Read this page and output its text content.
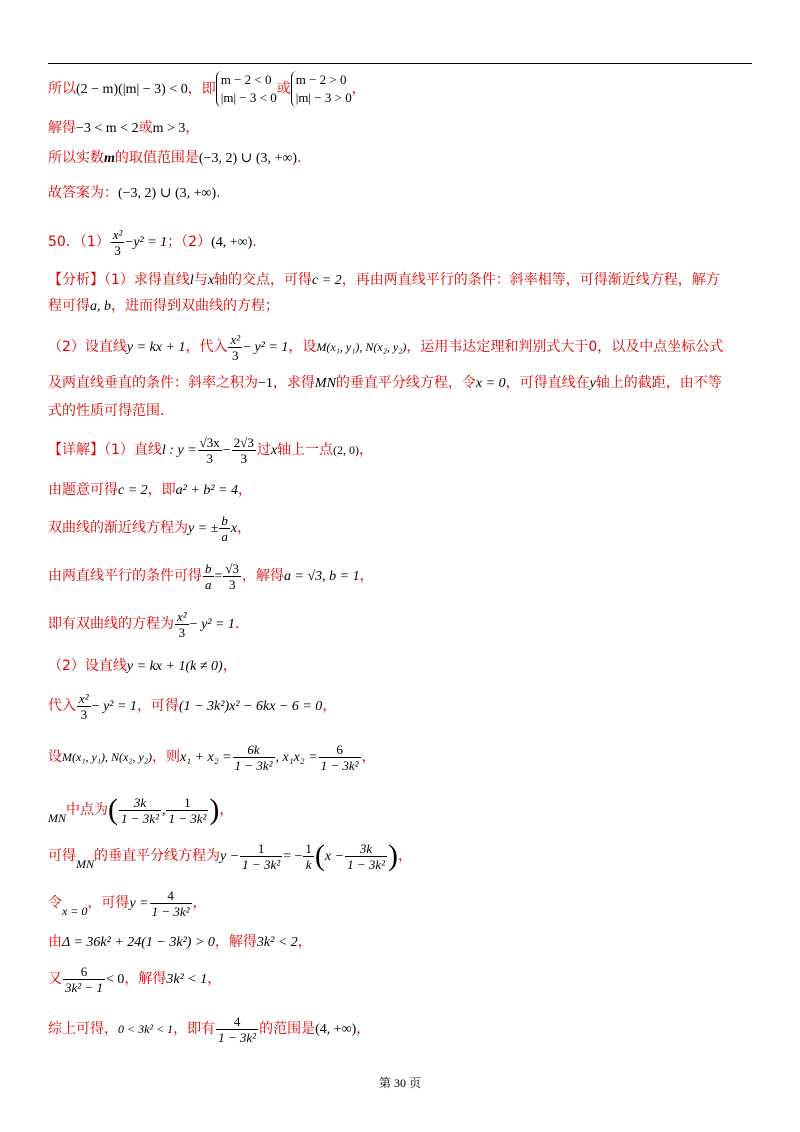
所以(2 − m)(|m| − 3) < 0，即
m − 2 < 0
|m| − 3 < 0
或
m − 2 > 0
|m| − 3 > 0
，
解得−3 < m < 2或m > 3，
所以实数m的取值范围是(−3, 2) ∪ (3, +∞).
故答案为：(−3, 2) ∪ (3, +∞).
50．$(1) \frac{\text{x²}}{3} -y^2 = 1$；（2）(4, +∞).
【分析】（1）求得直线l与x轴的交点，可得c = 2，再由两直线平行的条件：斜率相等，可得渐近线方程，解方
程可得a, b，进而得到双曲线的方程；
（2）设直线y = kx + 1，代入 $\frac{\text{x²}}{3} - y^2 = 1$，设M(x₁, y₁), N(x₂, y₂)，运用韦达定理和判别式大于0，以及中点坐标公式
及两直线垂直的条件：斜率之积为−1，求得MN的垂直平分线方程，令x = 0，可得直线在y轴上的截距，由不等
式的性质可得范围.
【详解】（1）直线l : $y = \frac{√3x}{3} - \frac{2√3}{3}$ 过x轴上一点(2, 0)，
由题意可得c = 2，即a² + b² = 4，
双曲线的渐近线方程为y = ± $\frac{b}{a}$ x，
由两直线平行的条件可得 $\frac{b}{a} = \frac{√3}{3}$ ，解得a = √3, b = 1，
即有双曲线的方程为 $\frac{\text{x²}}{3} - y^2 = 1$.
（2）设直线y = kx + 1(k ≠ 0)，
代入 $\frac{\text{x²}}{3} - y^2 = 1$，可得(1 − 3k²)x² − 6kx − 6 = 0，
设M(x₁, y₁), N(x₂, y₂)，则$x_1 + x_2 = \frac{6k}{\text{1 − 3k²}}$ , $x_1x_2 = \frac{6}{\text{1 − 3k²}}$ ，
MN中点为( $\frac{3k}{\text{1 − 3k²}}$ , $\frac{1}{\text{1 − 3k²}}$ )，
可得MN的垂直平分线方程为$y - \frac{1}{\text{1 − 3k²}}$ = − $\frac{1}{k} (x - \frac{3k}{\text{1 − 3k²}}$ )，
令x = 0，可得$y = \frac{4}{\text{1 − 3k²}}$ ，
由Δ = 36k² + 24(1 − 3k²) > 0，解得3k² < 2，
又 $\frac{6}{\text{3k² − 1}} < 0$，解得3k² < 1，
综上可得，0 < 3k² < 1，即有 $\frac{4}{\text{1 − 3k²}}$ 的范围是(4, +∞)，
第 30 页
